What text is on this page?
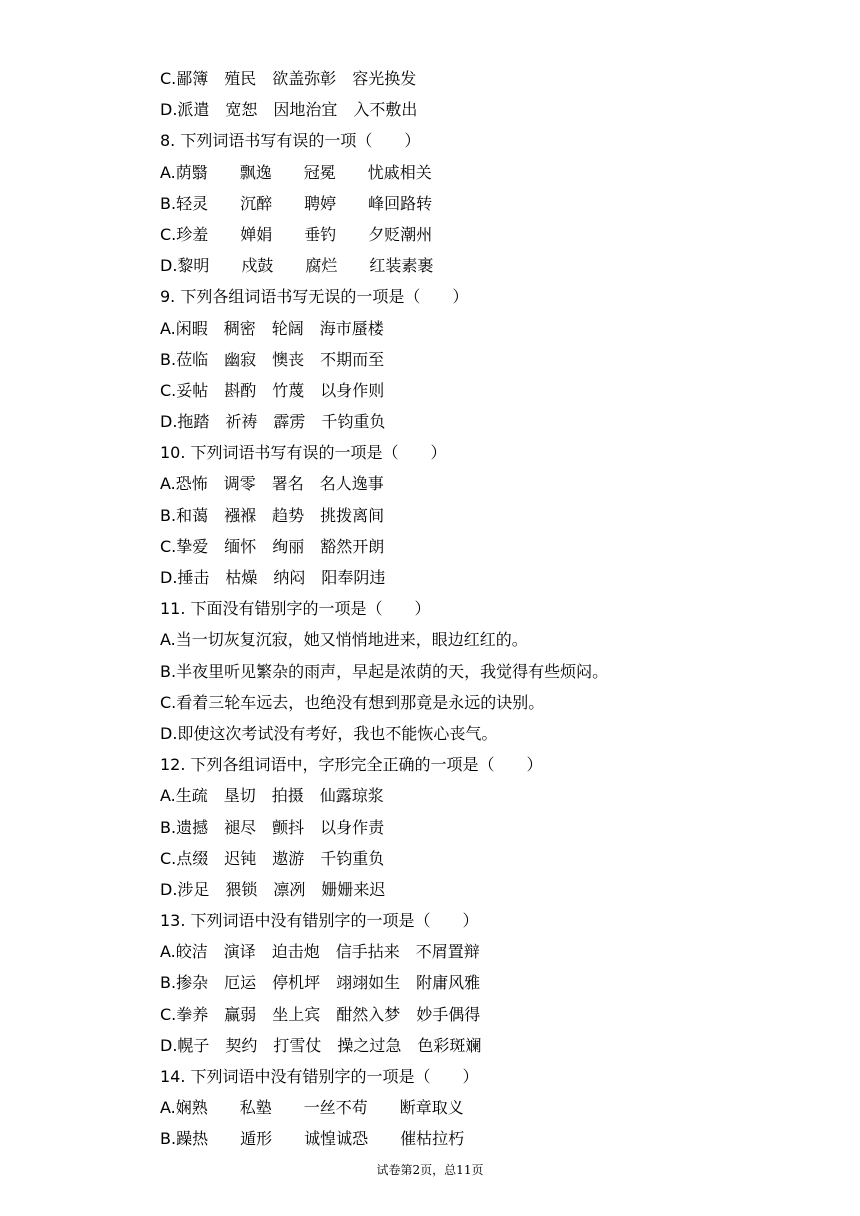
C.鄙簿　殖民　欲盖弥彰　容光换发
D.派遣　宽恕　因地治宜　入不敷出
8. 下列词语书写有误的一项（　　）
A.荫翳　　飘逸　　冠冕　　忧戚相关
B.轻灵　　沉醉　　聘婷　　峰回路转
C.珍羞　　婵娟　　垂钓　　夕贬潮州
D.黎明　　戍鼓　　腐烂　　红装素裹
9. 下列各组词语书写无误的一项是（　　）
A.闲暇　稠密　轮阔　海市蜃楼
B.莅临　幽寂　懊丧　不期而至
C.妥帖　斟酌　竹蔑　以身作则
D.拖踏　祈祷　霹雳　千钧重负
10. 下列词语书写有误的一项是（　　）
A.恐怖　调零　署名　名人逸事
B.和蔼　襁褓　趋势　挑拨离间
C.挚爱　缅怀　绚丽　豁然开朗
D.捶击　枯燥　纳闷　阳奉阴违
11. 下面没有错别字的一项是（　　）
A.当一切灰复沉寂，她又悄悄地进来，眼边红红的。
B.半夜里听见繁杂的雨声，早起是浓荫的天，我觉得有些烦闷。
C.看着三轮车远去，也绝没有想到那竟是永远的诀别。
D.即使这次考试没有考好，我也不能恢心丧气。
12. 下列各组词语中，字形完全正确的一项是（　　）
A.生疏　垦切　拍摄　仙露琼浆
B.遗撼　褪尽　颤抖　以身作责
C.点缀　迟钝　遨游　千钧重负
D.涉足　猥锁　凛冽　姗姗来迟
13. 下列词语中没有错别字的一项是（　　）
A.皎洁　演译　迫击炮　信手拈来　不屑置辩
B.掺杂　厄运　停机坪　翊翊如生　附庸风雅
C.拳养　赢弱　坐上宾　酣然入梦　妙手偶得
D.幌子　契约　打雪仗　操之过急　色彩斑斓
14. 下列词语中没有错别字的一项是（　　）
A.娴熟　　私塾　　一丝不苟　　断章取义
B.躁热　　遁形　　诚惶诚恐　　催枯拉朽
试卷第2页，总11页
